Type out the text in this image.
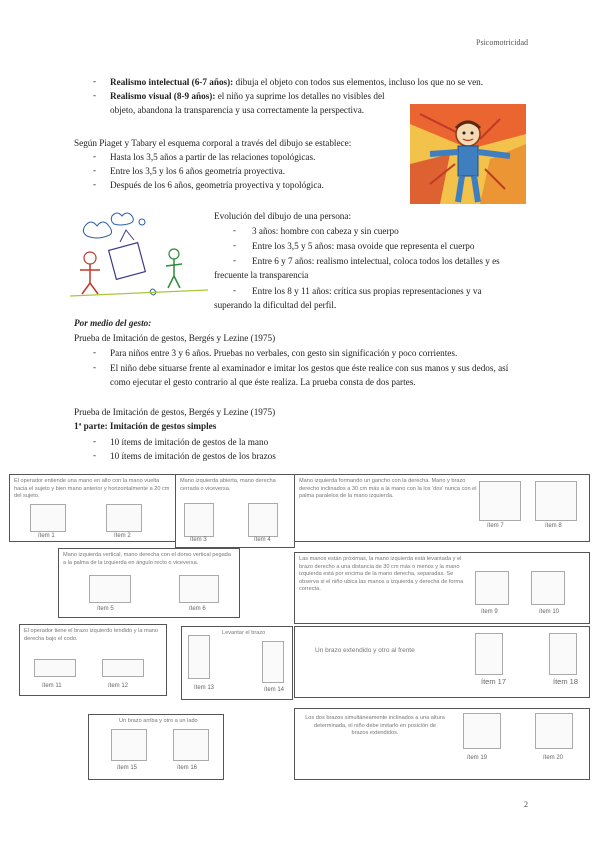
Psicomotricidad
- Realismo intelectual (6-7 años): dibuja el objeto con todos sus elementos, incluso los que no se ven.
- Realismo visual (8-9 años): el niño ya suprime los detalles no visibles del
objeto, abandona la transparencia y usa correctamente la perspectiva.
Según Piaget y Tabary el esquema corporal a través del dibujo se establece:
- Hasta los 3,5 años a partir de las relaciones topológicas.
- Entre los 3,5 y los 6 años geometría proyectiva.
- Después de los 6 años, geometría proyectiva y topológica.
Evolución del dibujo de una persona:
- 3 años: hombre con cabeza y sin cuerpo
- Entre los 3,5 y 5 años: masa ovoide que representa el cuerpo
- Entre 6 y 7 años: realismo intelectual, coloca todos los detalles y es
frecuente la transparencia
- Entre los 8 y 11 años: crítica sus propias representaciones y va
superando la dificultad del perfil.
Por medio del gesto:
Prueba de Imitación de gestos, Bergés y Lezine (1975)
- Para niños entre 3 y 6 años. Pruebas no verbales, con gesto sin significación y poco corrientes.
- El niño debe situarse frente al examinador e imitar los gestos que éste realice con sus manos y sus dedos, así
como ejecutar el gesto contrario al que éste realiza. La prueba consta de dos partes.
Prueba de Imitación de gestos, Bergés y Lezine (1975)
1ª parte: Imitación de gestos simples
- 10 ítems de imitación de gestos de la mano
- 10 ítems de imitación de gestos de los brazos
El operador entiende una mano en alto con la mano vuelta hacia el sujeto y bien mano anterior y horizontalmente a 20 cm del sujeto.
ítem 1	ítem 2
Mano izquierda abierta, mano derecha cerrada o viceversa.
ítem 3	ítem 4
Mano izquierda formando un gancho con la derecha. Mano y brazo derecho inclinados a 30 cm más a la mano con la los 'dos' nunca con el palma paralelos de la mano izquierda.
ítem 7	ítem 8
Mano izquierda vertical, mano derecha con el dorso vertical pegada a la palma de la izquierda en ángulo recto o viceversa.
ítem 5	ítem 6
Las manos están próximas, la mano izquierda está levantada y el brazo derecho a una distancia de 30 cm más o menos y la mano izquierda está por encima de la mano derecha, separadas. Se observa si el niño ubica las manos a izquierda y derecha de forma correcta.
ítem 9	ítem 10
El operador tiene el brazo izquierdo tendido y la mano derecha bajo el codo.
ítem 11	ítem 12
Levantar el brazo
ítem 13	ítem 14
Un brazo extendido y otro al frente
ítem 17	ítem 18
Un brazo arriba y otro a un lado
ítem 15	ítem 16
Los dos brazos simultáneamente inclinados a una altura determinada, el niño debe imitarlo en posición de brazos extendidos.
ítem 19	ítem 20
2
